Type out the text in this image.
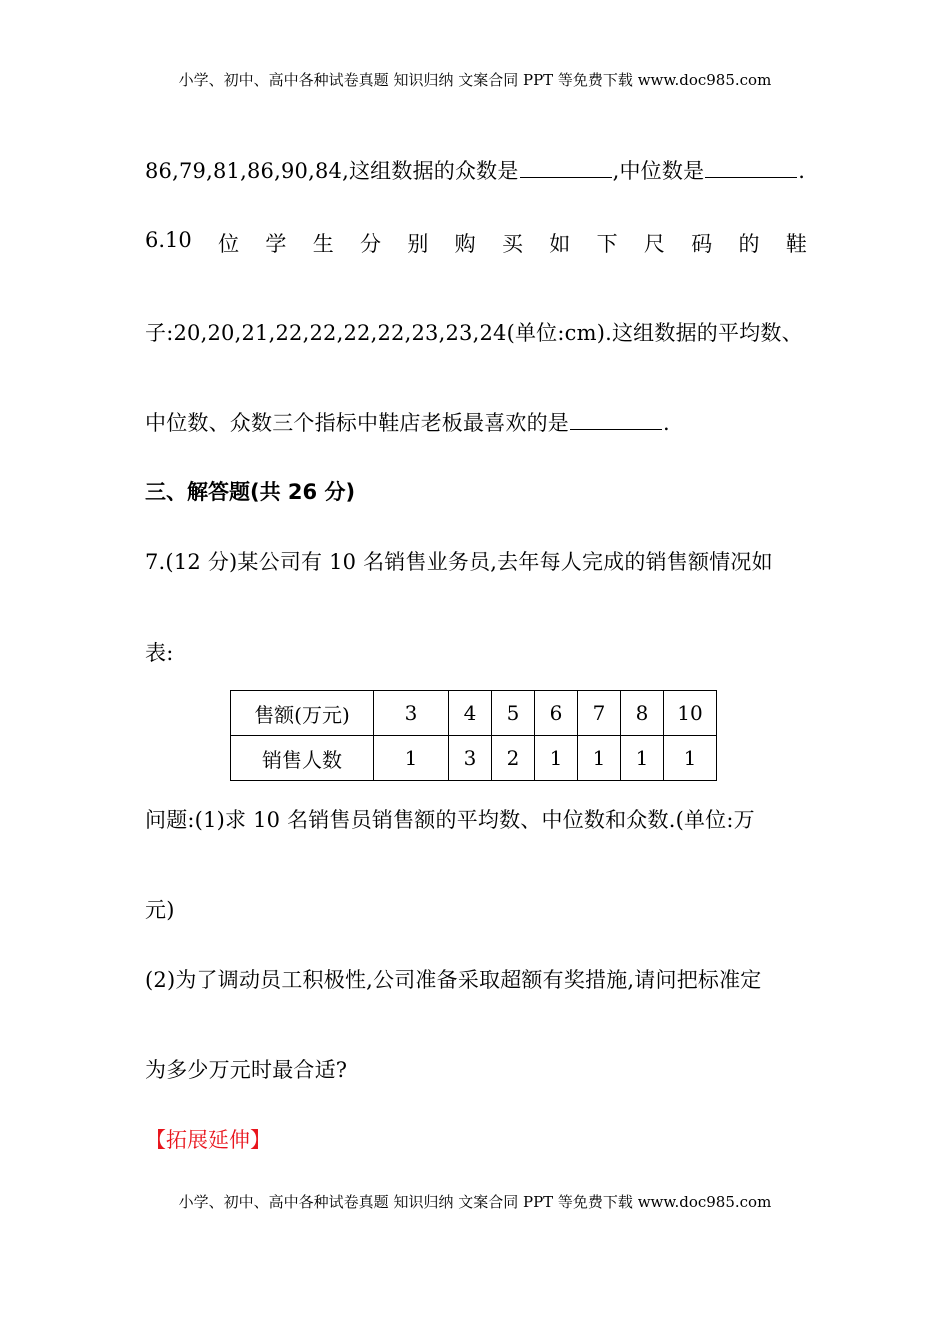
小学、初中、高中各种试卷真题 知识归纳 文案合同 PPT 等免费下载 www.doc985.com
86,79,81,86,90,84,这组数据的众数是	,中位数是	.
6.10 位 学 生 分 别 购 买 如 下 尺 码 的 鞋
子:20,20,21,22,22,22,22,23,23,24(单位:cm).这组数据的平均数、
中位数、众数三个指标中鞋店老板最喜欢的是	.
三、解答题(共 26 分)
7.(12 分)某公司有 10 名销售业务员,去年每人完成的销售额情况如
表:
售额(万元)	3	4	5	6	7	8	10
销售人数	1	3	2	1	1	1	1
问题:(1)求 10 名销售员销售额的平均数、中位数和众数.(单位:万
元)
(2)为了调动员工积极性,公司准备采取超额有奖措施,请问把标准定
为多少万元时最合适?
【拓展延伸】
小学、初中、高中各种试卷真题 知识归纳 文案合同 PPT 等免费下载 www.doc985.com
